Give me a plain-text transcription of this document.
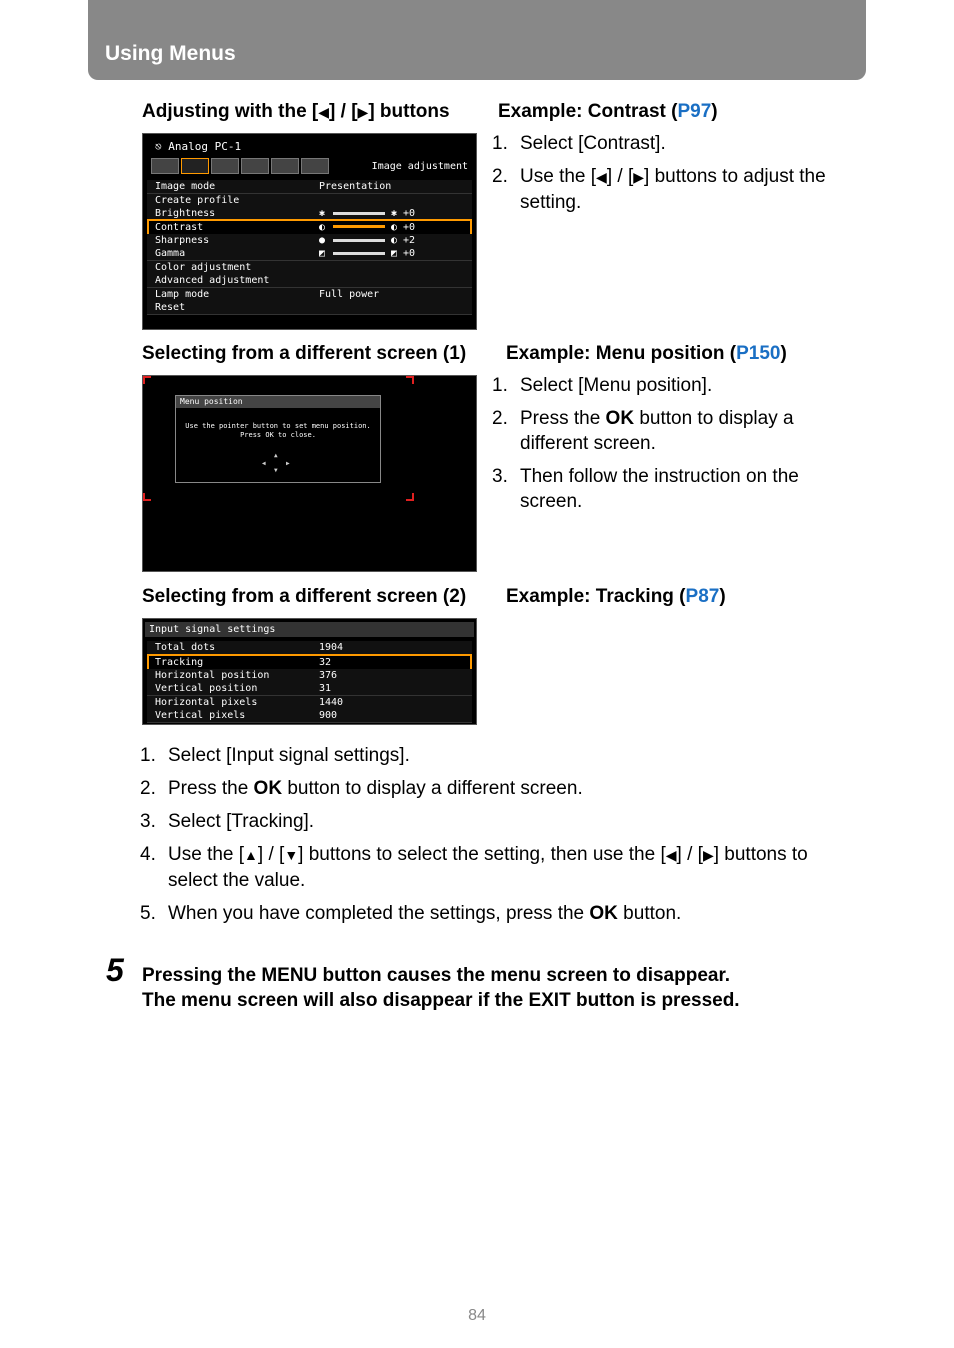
Using Menus
Adjusting with the [◀] / [▶] buttons	Example: Contrast (P97)
⎋ Analog PC-1
Image adjustment
Image mode	Presentation
Create profile
Brightness	✱	✱ +0
Contrast	◐	◐ +0
Sharpness	●	◐ +2
Gamma	◩	◩ +0
Color adjustment
Advanced adjustment
Lamp mode	Full power
Reset
1. Select [Contrast].
2. Use the [◀] / [▶] buttons to adjust the setting.
Selecting from a different screen (1) Example: Menu position (P150)
Menu position
Use the pointer button to set menu position.
Press OK to close.
▲
◀	▶
▼
1. Select [Menu position].
2. Press the OK button to display a different screen.
3. Then follow the instruction on the screen.
Selecting from a different screen (2) Example: Tracking (P87)
Input signal settings
Total dots	1904
Tracking	32
Horizontal position	376
Vertical position	31
Horizontal pixels	1440
Vertical pixels	900
1. Select [Input signal settings].
2. Press the OK button to display a different screen.
3. Select [Tracking].
4. Use the [▲] / [▼] buttons to select the setting, then use the [◀] / [▶] buttons to select the value.
5. When you have completed the settings, press the OK button.
5 Pressing the MENU button causes the menu screen to disappear.
The menu screen will also disappear if the EXIT button is pressed.
84
